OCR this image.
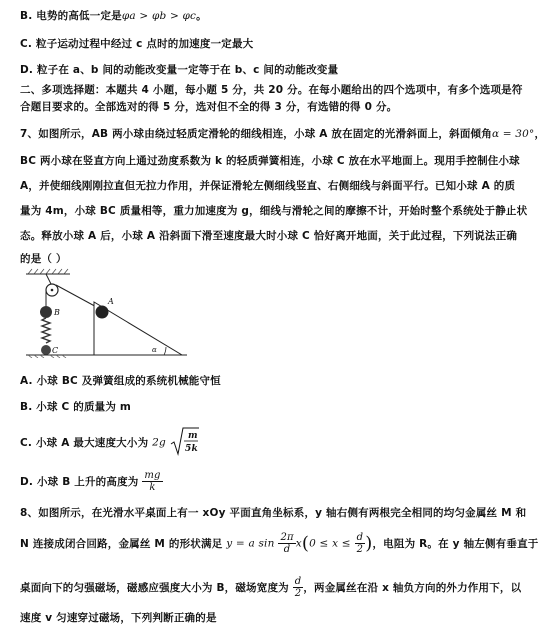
B. 电势的高低一定是φa > φb > φc。
C. 粒子运动过程中经过 c 点时的加速度一定最大
D. 粒子在 a、b 间的动能改变量一定等于在 b、c 间的动能改变量
二、多项选择题：本题共 4 小题，每小题 5 分，共 20 分。在每小题给出的四个选项中，有多个选项是符
合题目要求的。全部选对的得 5 分，选对但不全的得 3 分，有选错的得 0 分。
7、如图所示，AB 两小球由绕过轻质定滑轮的细线相连，小球 A 放在固定的光滑斜面上，斜面倾角α = 30°，
BC 两小球在竖直方向上通过劲度系数为 k 的轻质弹簧相连，小球 C 放在水平地面上。现用手控制住小球
A，并使细线刚刚拉直但无拉力作用，并保证滑轮左侧细线竖直、右侧细线与斜面平行。已知小球 A 的质
量为 4m，小球 BC 质量相等，重力加速度为 g，细线与滑轮之间的摩擦不计，开始时整个系统处于静止状
态。释放小球 A 后，小球 A 沿斜面下滑至速度最大时小球 C 恰好离开地面，关于此过程，下列说法正确
的是（ ）
A
B
C	α
A. 小球 BC 及弹簧组成的系统机械能守恒
B. 小球 C 的质量为 m
C. 小球 A 最大速度大小为 2g
m
5k
D. 小球 B 上升的高度为 $\frac{mg}{k}$
8、如图所示，在光滑水平桌面上有一 xOy 平面直角坐标系，y 轴右侧有两根完全相同的均匀金属丝 M 和
N 连接成闭合回路，金属丝 M 的形状满足 y = a $\sin \frac{2\pi}{d} x(0 \le x \le \frac{d}{2}$ )，电阻为 R。在 y 轴左侧有垂直于
桌面向下的匀强磁场，磁感应强度大小为 B，磁场宽度为 $\frac{d}{2}$ ，两金属丝在沿 x 轴负方向的外力作用下，以
速度 v 匀速穿过磁场，下列判断正确的是
